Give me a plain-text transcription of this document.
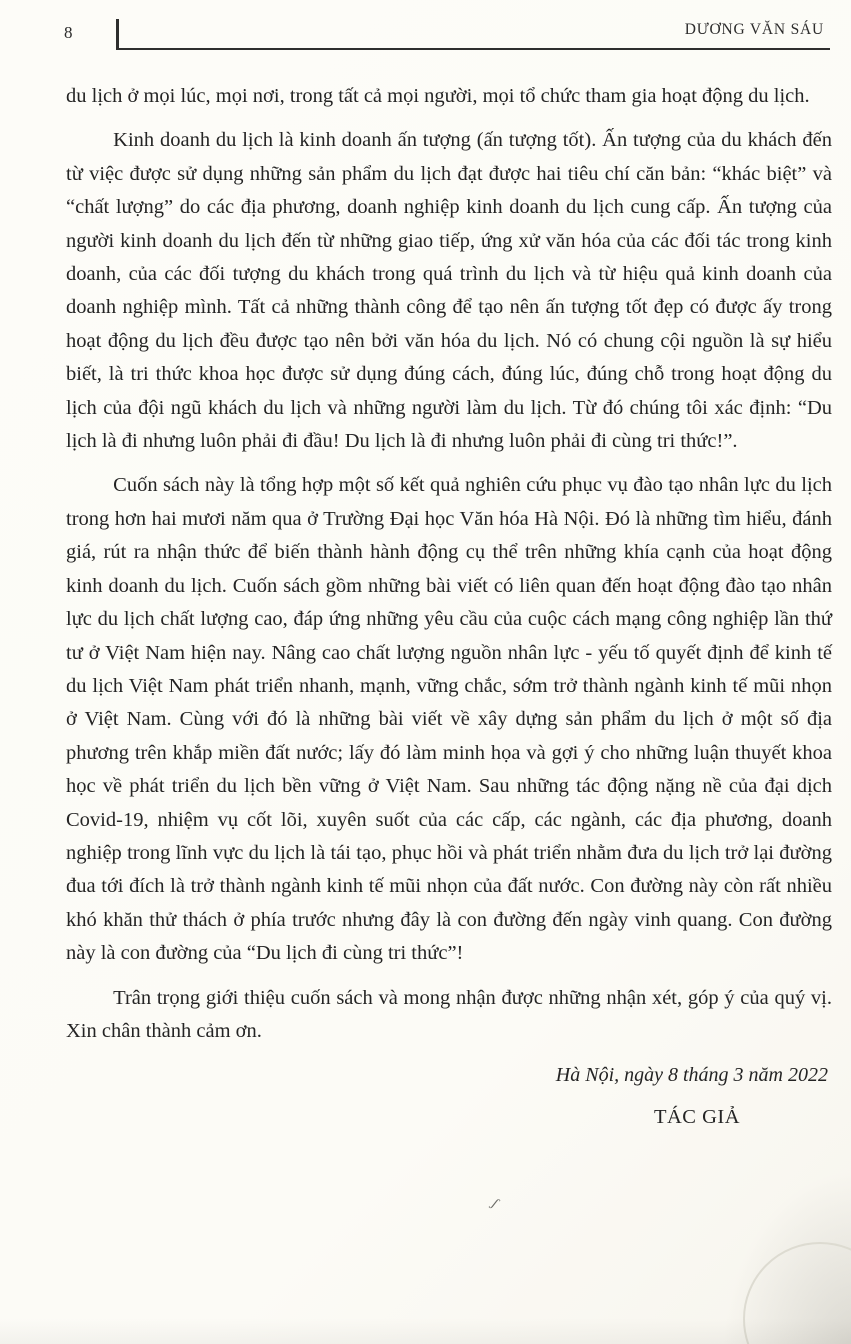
8	DƯƠNG VĂN SÁU

du lịch ở mọi lúc, mọi nơi, trong tất cả mọi người, mọi tổ chức tham gia hoạt động du lịch.

Kinh doanh du lịch là kinh doanh ấn tượng (ấn tượng tốt). Ấn tượng của du khách đến từ việc được sử dụng những sản phẩm du lịch đạt được hai tiêu chí căn bản: “khác biệt” và “chất lượng” do các địa phương, doanh nghiệp kinh doanh du lịch cung cấp. Ấn tượng của người kinh doanh du lịch đến từ những giao tiếp, ứng xử văn hóa của các đối tác trong kinh doanh, của các đối tượng du khách trong quá trình du lịch và từ hiệu quả kinh doanh của doanh nghiệp mình. Tất cả những thành công để tạo nên ấn tượng tốt đẹp có được ấy trong hoạt động du lịch đều được tạo nên bởi văn hóa du lịch. Nó có chung cội nguồn là sự hiểu biết, là tri thức khoa học được sử dụng đúng cách, đúng lúc, đúng chỗ trong hoạt động du lịch của đội ngũ khách du lịch và những người làm du lịch. Từ đó chúng tôi xác định: “Du lịch là đi nhưng luôn phải đi đầu! Du lịch là đi nhưng luôn phải đi cùng tri thức!”.

Cuốn sách này là tổng hợp một số kết quả nghiên cứu phục vụ đào tạo nhân lực du lịch trong hơn hai mươi năm qua ở Trường Đại học Văn hóa Hà Nội. Đó là những tìm hiểu, đánh giá, rút ra nhận thức để biến thành hành động cụ thể trên những khía cạnh của hoạt động kinh doanh du lịch. Cuốn sách gồm những bài viết có liên quan đến hoạt động đào tạo nhân lực du lịch chất lượng cao, đáp ứng những yêu cầu của cuộc cách mạng công nghiệp lần thứ tư ở Việt Nam hiện nay. Nâng cao chất lượng nguồn nhân lực - yếu tố quyết định để kinh tế du lịch Việt Nam phát triển nhanh, mạnh, vững chắc, sớm trở thành ngành kinh tế mũi nhọn ở Việt Nam. Cùng với đó là những bài viết về xây dựng sản phẩm du lịch ở một số địa phương trên khắp miền đất nước; lấy đó làm minh họa và gợi ý cho những luận thuyết khoa học về phát triển du lịch bền vững ở Việt Nam. Sau những tác động nặng nề của đại dịch Covid-19, nhiệm vụ cốt lõi, xuyên suốt của các cấp, các ngành, các địa phương, doanh nghiệp trong lĩnh vực du lịch là tái tạo, phục hồi và phát triển nhằm đưa du lịch trở lại đường đua tới đích là trở thành ngành kinh tế mũi nhọn của đất nước. Con đường này còn rất nhiều khó khăn thử thách ở phía trước nhưng đây là con đường đến ngày vinh quang. Con đường này là con đường của “Du lịch đi cùng tri thức”!

Trân trọng giới thiệu cuốn sách và mong nhận được những nhận xét, góp ý của quý vị. Xin chân thành cảm ơn.

Hà Nội, ngày 8 tháng 3 năm 2022
TÁC GIẢ
ʃ
